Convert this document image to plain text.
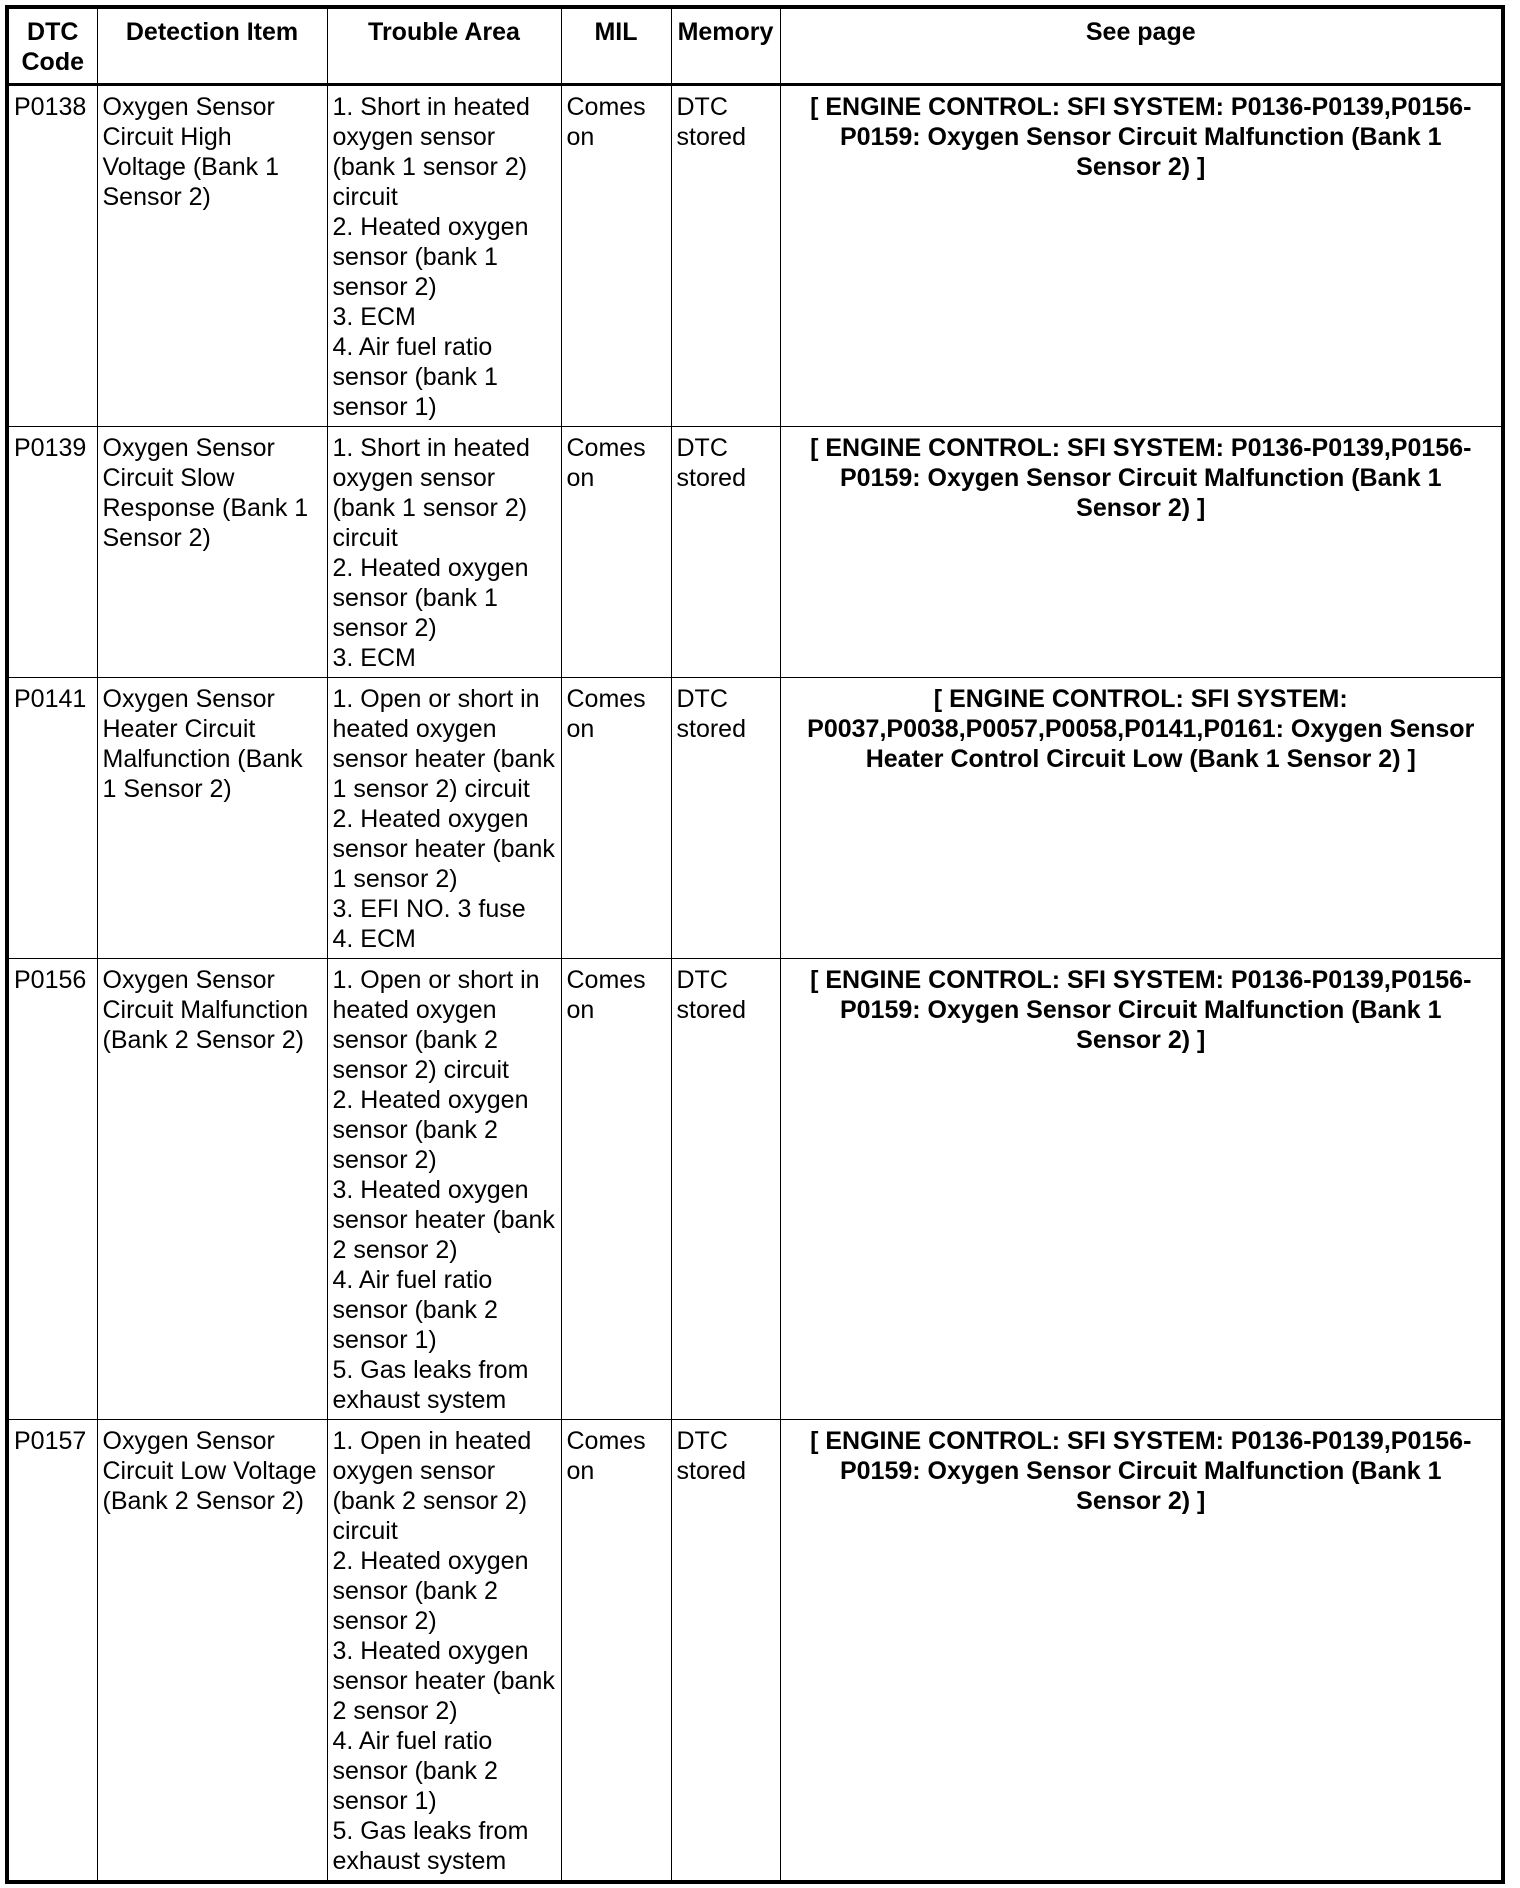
DTC Code	Detection Item	Trouble Area	MIL	Memory	See page
P0138	Oxygen Sensor Circuit High Voltage (Bank 1 Sensor 2)	1. Short in heated oxygen sensor (bank 1 sensor 2) circuit
2. Heated oxygen sensor (bank 1 sensor 2)
3. ECM
4. Air fuel ratio sensor (bank 1 sensor 1)	Comes on	DTC stored	[ ENGINE CONTROL: SFI SYSTEM: P0136-P0139,P0156-P0159: Oxygen Sensor Circuit Malfunction (Bank 1 Sensor 2) ]
P0139	Oxygen Sensor Circuit Slow Response (Bank 1 Sensor 2)	1. Short in heated oxygen sensor (bank 1 sensor 2) circuit
2. Heated oxygen sensor (bank 1 sensor 2)
3. ECM	Comes on	DTC stored	[ ENGINE CONTROL: SFI SYSTEM: P0136-P0139,P0156-P0159: Oxygen Sensor Circuit Malfunction (Bank 1 Sensor 2) ]
P0141	Oxygen Sensor Heater Circuit Malfunction (Bank 1 Sensor 2)	1. Open or short in heated oxygen sensor heater (bank 1 sensor 2) circuit
2. Heated oxygen sensor heater (bank 1 sensor 2)
3. EFI NO. 3 fuse
4. ECM	Comes on	DTC stored	[ ENGINE CONTROL: SFI SYSTEM: P0037,P0038,P0057,P0058,P0141,P0161: Oxygen Sensor Heater Control Circuit Low (Bank 1 Sensor 2) ]
P0156	Oxygen Sensor Circuit Malfunction (Bank 2 Sensor 2)	1. Open or short in heated oxygen sensor (bank 2 sensor 2) circuit
2. Heated oxygen sensor (bank 2 sensor 2)
3. Heated oxygen sensor heater (bank 2 sensor 2)
4. Air fuel ratio sensor (bank 2 sensor 1)
5. Gas leaks from exhaust system	Comes on	DTC stored	[ ENGINE CONTROL: SFI SYSTEM: P0136-P0139,P0156-P0159: Oxygen Sensor Circuit Malfunction (Bank 1 Sensor 2) ]
P0157	Oxygen Sensor Circuit Low Voltage (Bank 2 Sensor 2)	1. Open in heated oxygen sensor (bank 2 sensor 2) circuit
2. Heated oxygen sensor (bank 2 sensor 2)
3. Heated oxygen sensor heater (bank 2 sensor 2)
4. Air fuel ratio sensor (bank 2 sensor 1)
5. Gas leaks from exhaust system	Comes on	DTC stored	[ ENGINE CONTROL: SFI SYSTEM: P0136-P0139,P0156-P0159: Oxygen Sensor Circuit Malfunction (Bank 1 Sensor 2) ]
